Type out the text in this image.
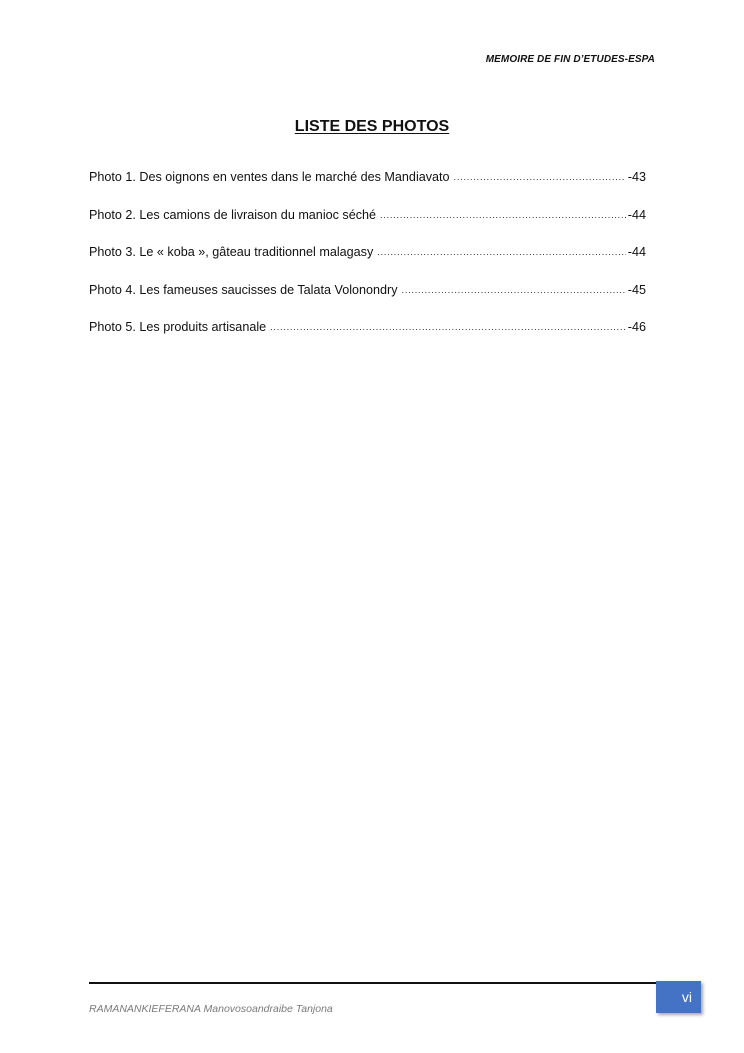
MEMOIRE DE FIN D’ETUDES-ESPA
LISTE DES PHOTOS
Photo 1. Des oignons en ventes dans le marché des Mandiavato .....	-43
Photo 2. Les camions de livraison du manioc séché .....	-44
Photo 3. Le « koba », gâteau traditionnel malagasy .....	-44
Photo 4. Les fameuses saucisses de Talata Volonondry .....	-45
Photo 5. Les produits artisanale .....	-46
vi
RAMANANKIEFERANA Manovosoandraibe Tanjona
